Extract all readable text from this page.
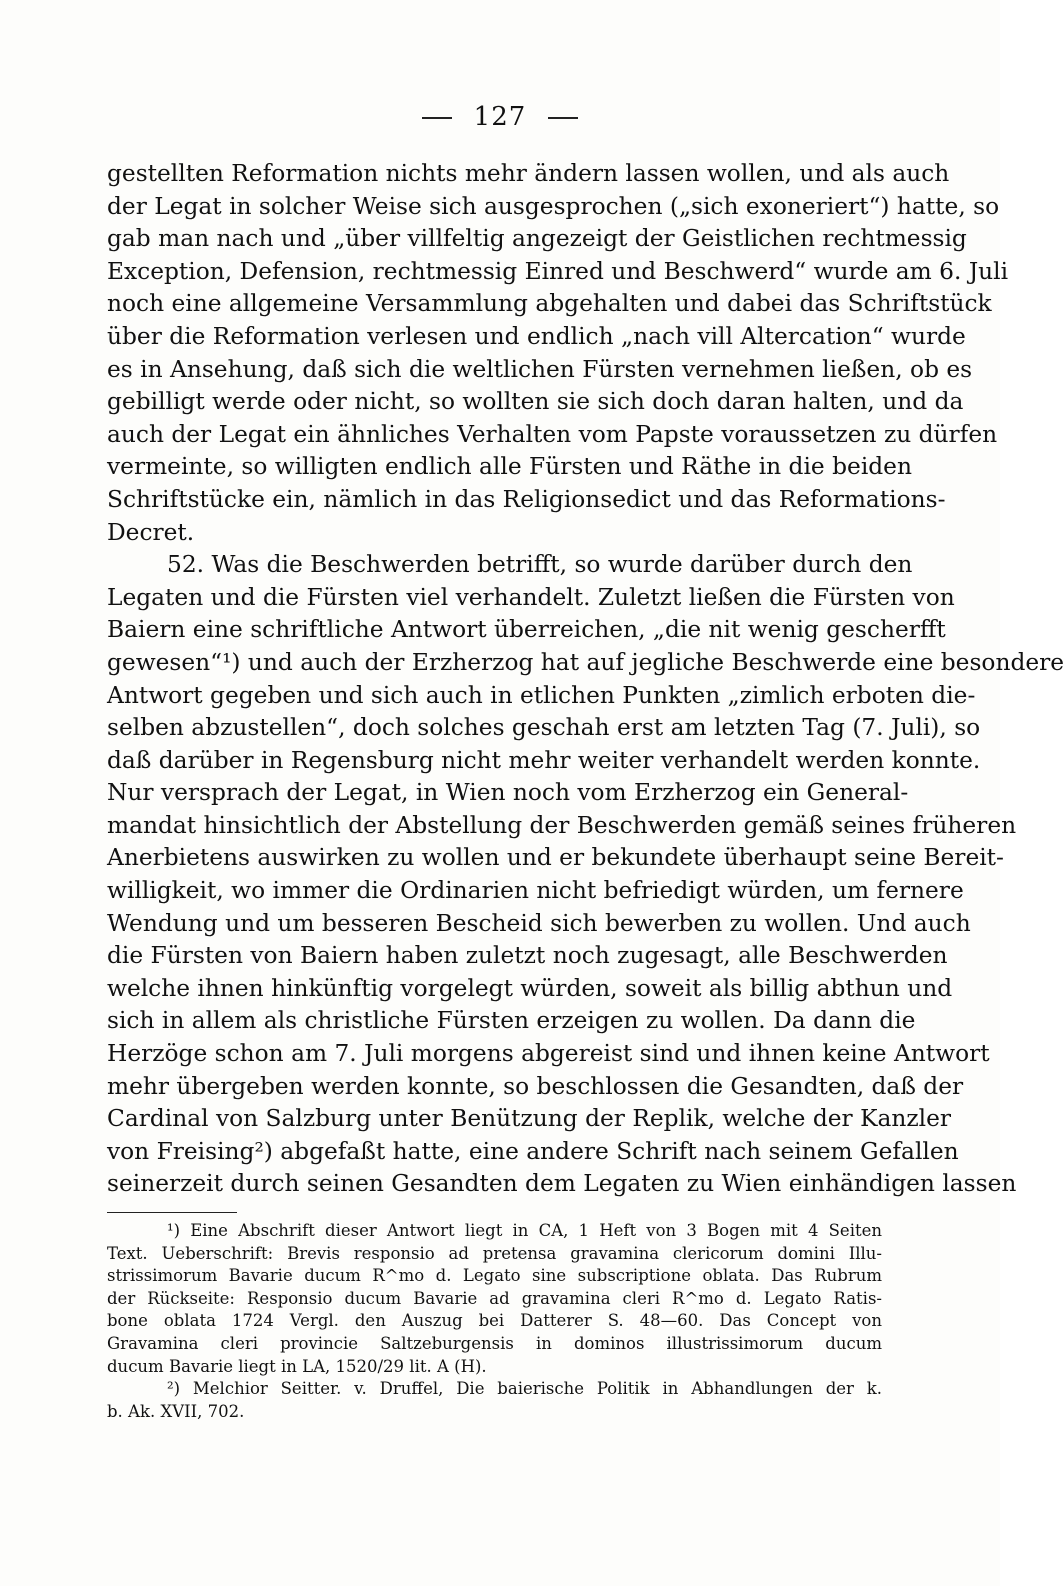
127
gestellten Reformation nichts mehr ändern lassen wollen, und als auch
der Legat in solcher Weise sich ausgesprochen („sich exoneriert“) hatte, so
gab man nach und „über villfeltig angezeigt der Geistlichen rechtmessig
Exception, Defension, rechtmessig Einred und Beschwerd“ wurde am 6. Juli
noch eine allgemeine Versammlung abgehalten und dabei das Schriftstück
über die Reformation verlesen und endlich „nach vill Altercation“ wurde
es in Ansehung, daß sich die weltlichen Fürsten vernehmen ließen, ob es
gebilligt werde oder nicht, so wollten sie sich doch daran halten, und da
auch der Legat ein ähnliches Verhalten vom Papste voraussetzen zu dürfen
vermeinte, so willigten endlich alle Fürsten und Räthe in die beiden
Schriftstücke ein, nämlich in das Religionsedict und das Reformations-
Decret.
52. Was die Beschwerden betrifft, so wurde darüber durch den
Legaten und die Fürsten viel verhandelt. Zuletzt ließen die Fürsten von
Baiern eine schriftliche Antwort überreichen, „die nit wenig gescherfft
gewesen“¹) und auch der Erzherzog hat auf jegliche Beschwerde eine besondere
Antwort gegeben und sich auch in etlichen Punkten „zimlich erboten die-
selben abzustellen“, doch solches geschah erst am letzten Tag (7. Juli), so
daß darüber in Regensburg nicht mehr weiter verhandelt werden konnte.
Nur versprach der Legat, in Wien noch vom Erzherzog ein General-
mandat hinsichtlich der Abstellung der Beschwerden gemäß seines früheren
Anerbietens auswirken zu wollen und er bekundete überhaupt seine Bereit-
willigkeit, wo immer die Ordinarien nicht befriedigt würden, um fernere
Wendung und um besseren Bescheid sich bewerben zu wollen. Und auch
die Fürsten von Baiern haben zuletzt noch zugesagt, alle Beschwerden
welche ihnen hinkünftig vorgelegt würden, soweit als billig abthun und
sich in allem als christliche Fürsten erzeigen zu wollen. Da dann die
Herzöge schon am 7. Juli morgens abgereist sind und ihnen keine Antwort
mehr übergeben werden konnte, so beschlossen die Gesandten, daß der
Cardinal von Salzburg unter Benützung der Replik, welche der Kanzler
von Freising²) abgefaßt hatte, eine andere Schrift nach seinem Gefallen
seinerzeit durch seinen Gesandten dem Legaten zu Wien einhändigen lassen
¹) Eine Abschrift dieser Antwort liegt in CA, 1 Heft von 3 Bogen mit 4 Seiten
Text. Ueberschrift: Brevis responsio ad pretensa gravamina clericorum domini Illu-
strissimorum Bavarie ducum R^mo d. Legato sine subscriptione oblata. Das Rubrum
der Rückseite: Responsio ducum Bavarie ad gravamina cleri R^mo d. Legato Ratis-
bone oblata 1724 Vergl. den Auszug bei Datterer S. 48—60. Das Concept von
Gravamina cleri provincie Saltzeburgensis in dominos illustrissimorum ducum
ducum Bavarie liegt in LA, 1520/29 lit. A (H).
²) Melchior Seitter. v. Druffel, Die baierische Politik in Abhandlungen der k.
b. Ak. XVII, 702.
